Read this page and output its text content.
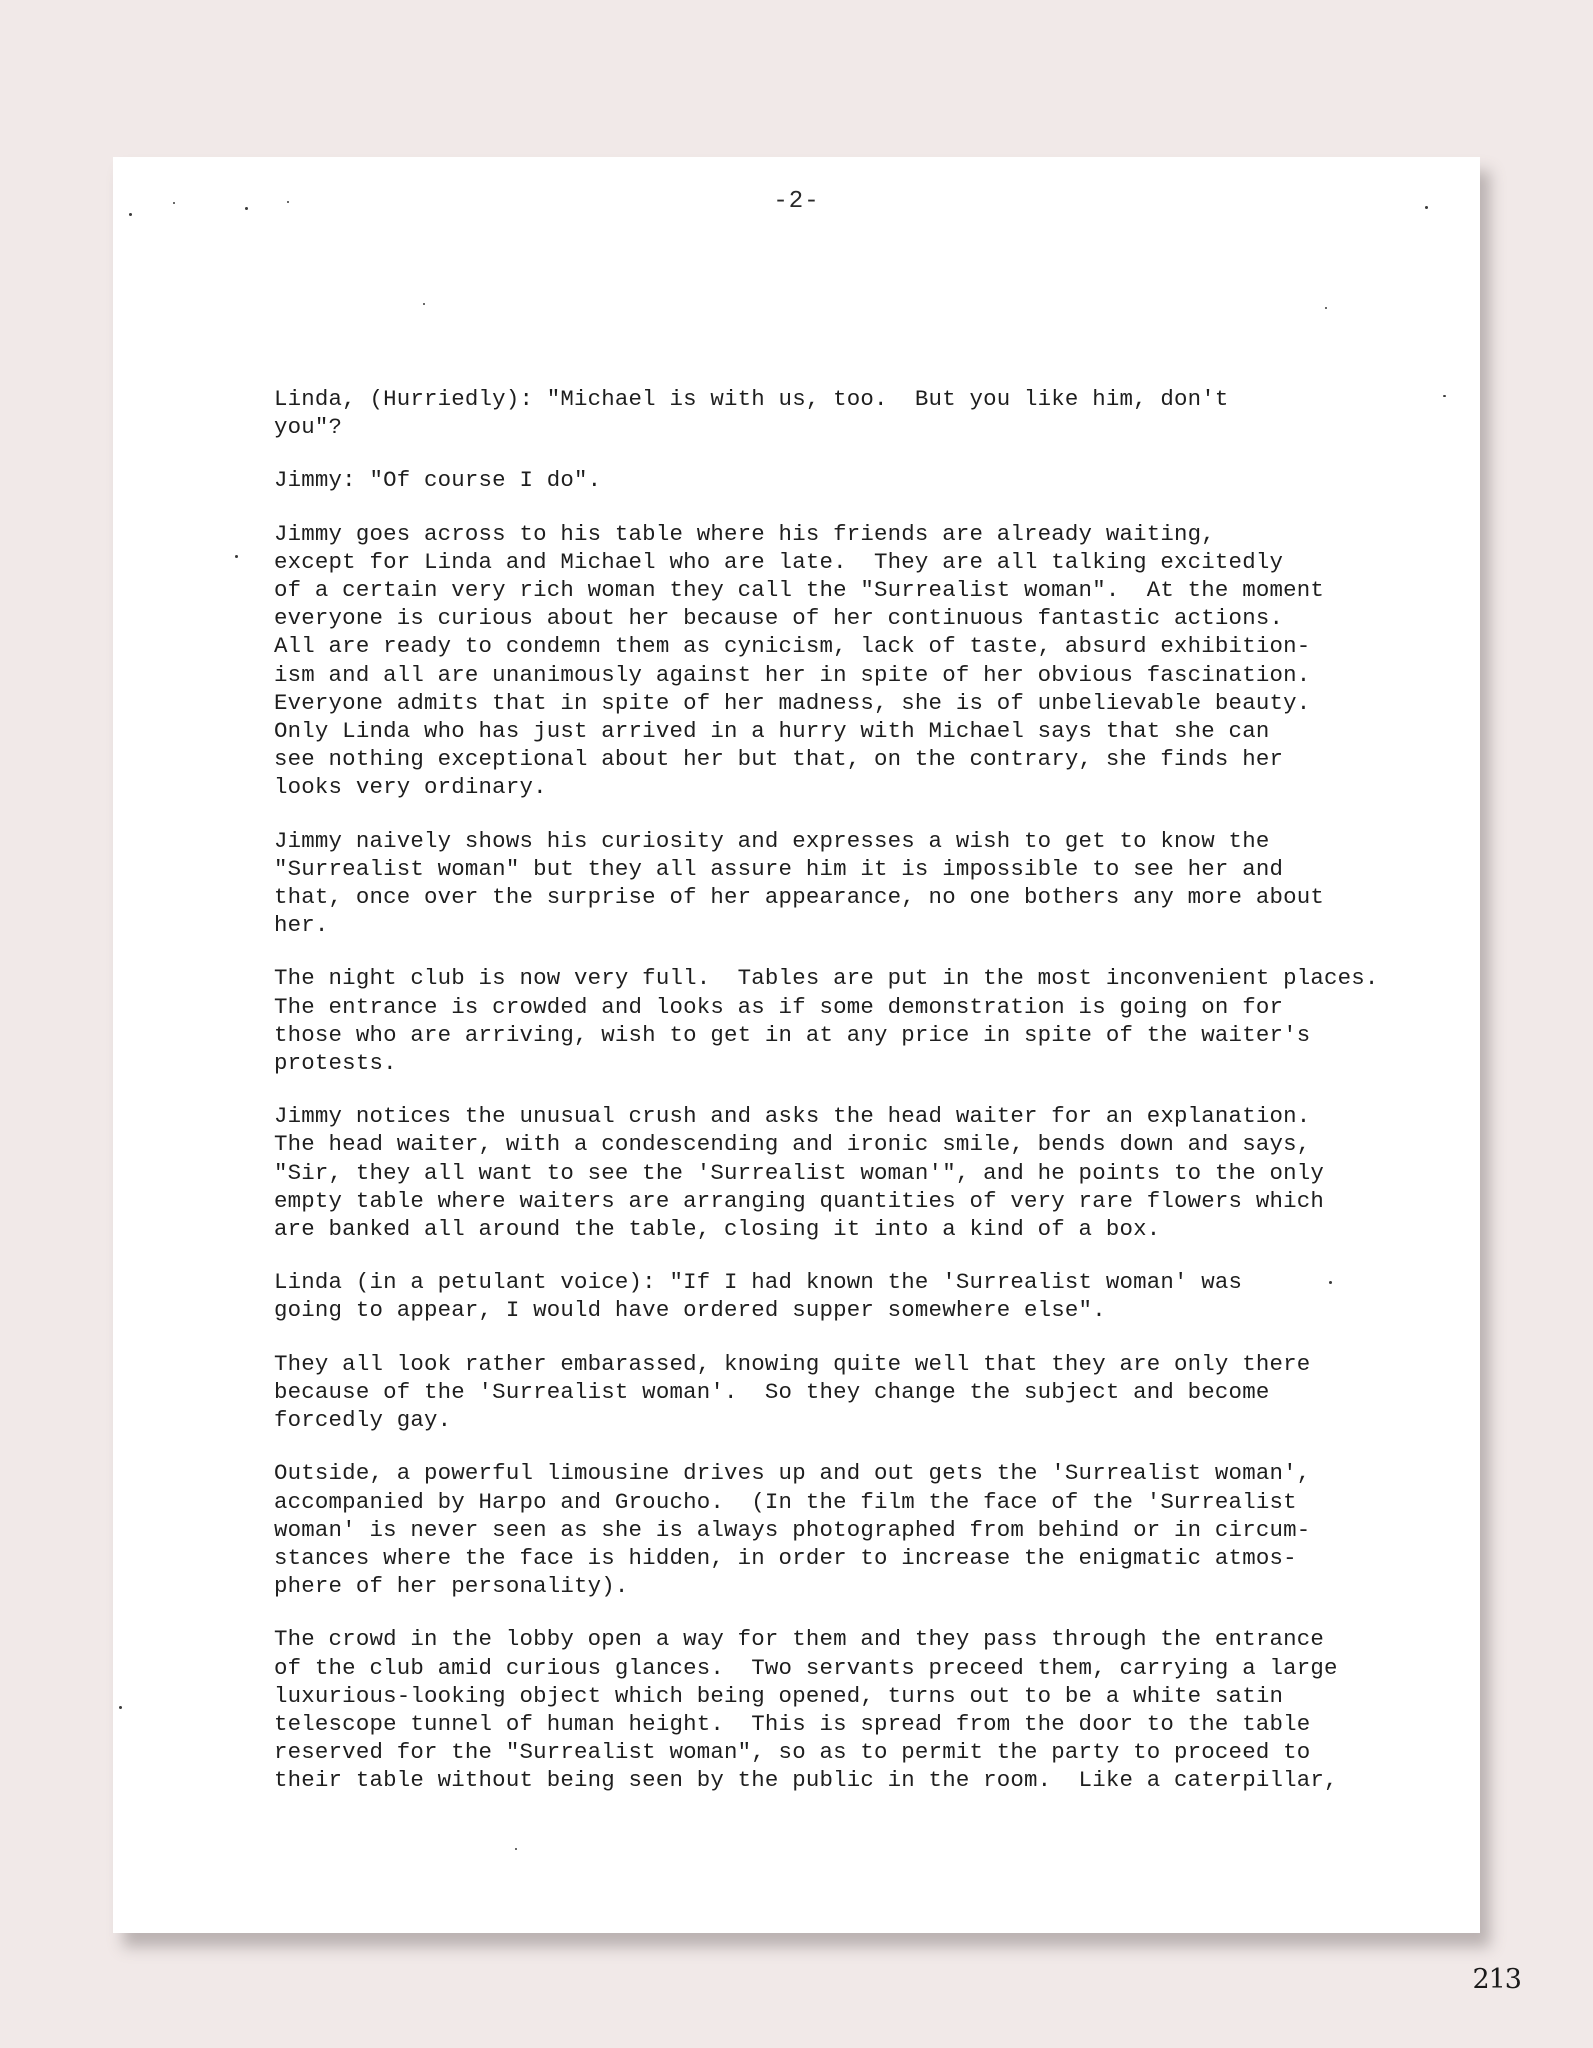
-2-

Linda, (Hurriedly): "Michael is with us, too.  But you like him, don't
you"?

Jimmy: "Of course I do".

Jimmy goes across to his table where his friends are already waiting,
except for Linda and Michael who are late.  They are all talking excitedly
of a certain very rich woman they call the "Surrealist woman".  At the moment
everyone is curious about her because of her continuous fantastic actions.
All are ready to condemn them as cynicism, lack of taste, absurd exhibition-
ism and all are unanimously against her in spite of her obvious fascination.
Everyone admits that in spite of her madness, she is of unbelievable beauty.
Only Linda who has just arrived in a hurry with Michael says that she can
see nothing exceptional about her but that, on the contrary, she finds her
looks very ordinary.

Jimmy naively shows his curiosity and expresses a wish to get to know the
"Surrealist woman" but they all assure him it is impossible to see her and
that, once over the surprise of her appearance, no one bothers any more about
her.

The night club is now very full.  Tables are put in the most inconvenient places.
The entrance is crowded and looks as if some demonstration is going on for
those who are arriving, wish to get in at any price in spite of the waiter's
protests.

Jimmy notices the unusual crush and asks the head waiter for an explanation.
The head waiter, with a condescending and ironic smile, bends down and says,
"Sir, they all want to see the 'Surrealist woman'", and he points to the only
empty table where waiters are arranging quantities of very rare flowers which
are banked all around the table, closing it into a kind of a box.

Linda (in a petulant voice): "If I had known the 'Surrealist woman' was
going to appear, I would have ordered supper somewhere else".

They all look rather embarassed, knowing quite well that they are only there
because of the 'Surrealist woman'.  So they change the subject and become
forcedly gay.

Outside, a powerful limousine drives up and out gets the 'Surrealist woman',
accompanied by Harpo and Groucho.  (In the film the face of the 'Surrealist
woman' is never seen as she is always photographed from behind or in circum-
stances where the face is hidden, in order to increase the enigmatic atmos-
phere of her personality).

The crowd in the lobby open a way for them and they pass through the entrance
of the club amid curious glances.  Two servants preceed them, carrying a large
luxurious-looking object which being opened, turns out to be a white satin
telescope tunnel of human height.  This is spread from the door to the table
reserved for the "Surrealist woman", so as to permit the party to proceed to
their table without being seen by the public in the room.  Like a caterpillar,

213
